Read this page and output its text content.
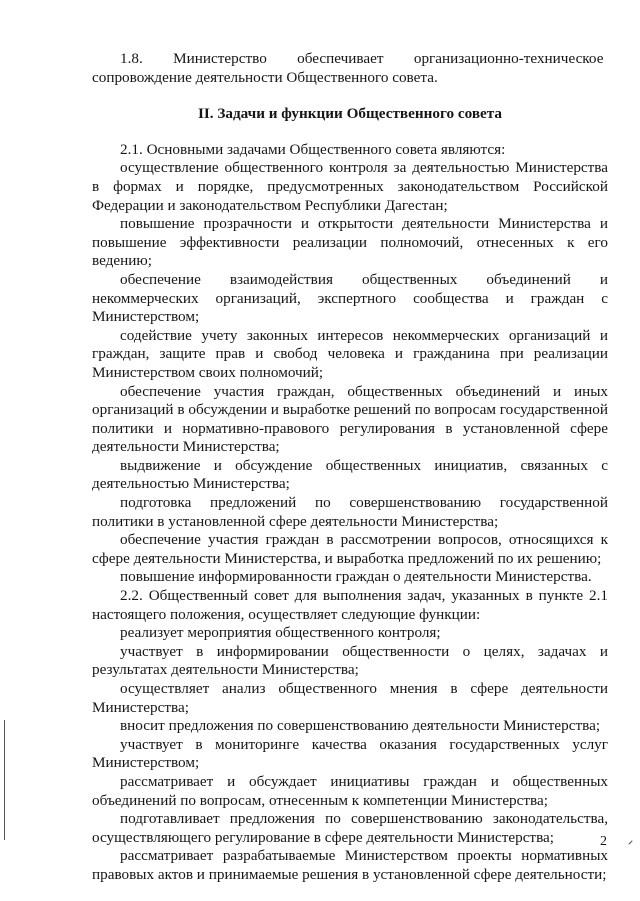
1.8.  Министерство  обеспечивает  организационно-техническое сопровождение деятельности Общественного совета.

II. Задачи и функции Общественного совета

2.1. Основными задачами Общественного совета являются:

осуществление общественного контроля за деятельностью Министерства в формах и порядке, предусмотренных законодательством Российской Федерации и законодательством Республики Дагестан;

повышение прозрачности и открытости деятельности Министерства и повышение эффективности реализации полномочий, отнесенных к его ведению;

обеспечение взаимодействия общественных объединений и некоммерческих организаций, экспертного сообщества и граждан с Министерством;

содействие учету законных интересов некоммерческих организаций и граждан, защите прав и свобод человека и гражданина при реализации Министерством своих полномочий;

обеспечение участия граждан, общественных объединений и иных организаций в обсуждении и выработке решений по вопросам государственной политики и нормативно-правового регулирования в установленной сфере деятельности Министерства;

выдвижение и обсуждение общественных инициатив, связанных с деятельностью Министерства;

подготовка предложений по совершенствованию государственной политики в установленной сфере деятельности Министерства;

обеспечение участия граждан в рассмотрении вопросов, относящихся к сфере деятельности Министерства, и выработка предложений по их решению;

повышение информированности граждан о деятельности Министерства.

2.2. Общественный совет для выполнения задач, указанных в пункте 2.1 настоящего положения, осуществляет следующие функции:

реализует мероприятия общественного контроля;

участвует в информировании общественности о целях, задачах и результатах деятельности Министерства;

осуществляет анализ общественного мнения в сфере деятельности Министерства;

вносит предложения по совершенствованию деятельности Министерства;

участвует в мониторинге качества оказания государственных услуг Министерством;

рассматривает и обсуждает инициативы граждан и общественных объединений по вопросам, отнесенным к компетенции Министерства;

подготавливает предложения по совершенствованию законодательства, осуществляющего регулирование в сфере деятельности Министерства;

рассматривает разрабатываемые Министерством проекты нормативных правовых актов и принимаемые решения в установленной сфере деятельности;

2
